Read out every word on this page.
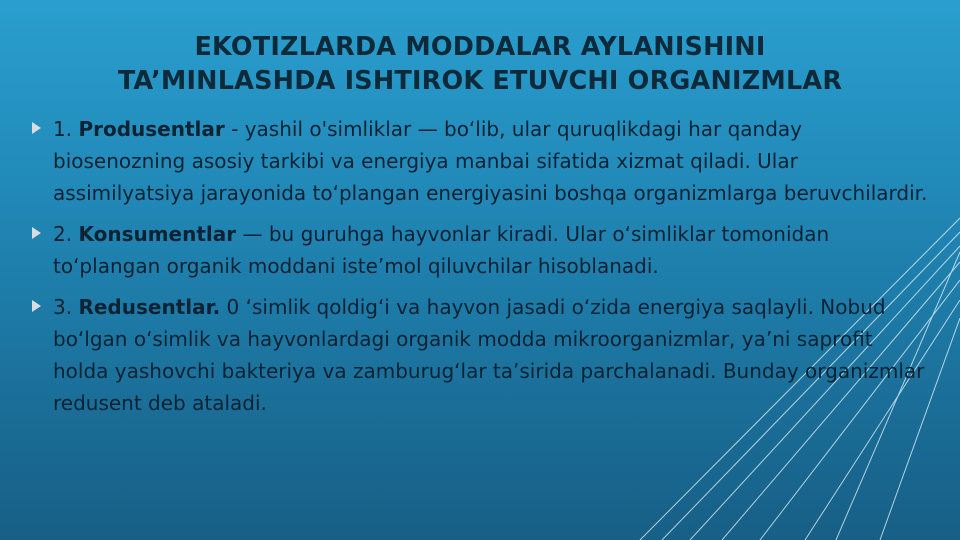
EKOTIZLARDA MODDALAR AYLANISHINI
TA’MINLASHDA ISHTIROK ETUVCHI ORGANIZMLAR

1. Produsentlar - yashil o'simliklar — bo‘lib, ular quruqlikdagi har qanday biosenozning asosiy tarkibi va energiya manbai sifatida xizmat qiladi. Ular assimilyatsiya jarayonida to‘plangan energiyasini boshqa organizmlarga beruvchilardir.

2. Konsumentlar — bu guruhga hayvonlar kiradi. Ular o‘simliklar tomonidan to‘plangan organik moddani iste’mol qiluvchilar hisoblanadi.

3. Redusentlar. 0 ‘simlik qoldig‘i va hayvon jasadi o‘zida energiya saqlayli. Nobud bo‘lgan o‘simlik va hayvonlardagi organik modda mikroorganizmlar, ya’ni saprofit holda yashovchi bakteriya va zamburug‘lar ta’sirida parchalanadi. Bunday organizmlar redusent deb ataladi.
